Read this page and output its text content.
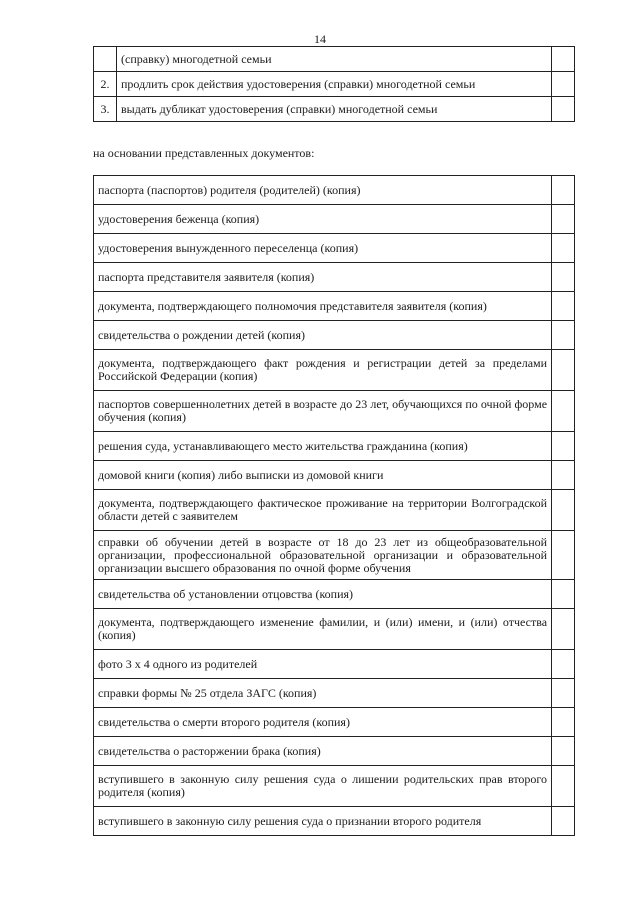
14
	(справку) многодетной семьи	
2.	продлить срок действия удостоверения (справки) многодетной семьи	
3.	выдать дубликат удостоверения (справки) многодетной семьи	
на основании представленных документов:
паспорта (паспортов) родителя (родителей) (копия)	
удостоверения беженца (копия)	
удостоверения вынужденного переселенца (копия)	
паспорта представителя заявителя (копия)	
документа, подтверждающего полномочия представителя заявителя (копия)	
свидетельства о рождении детей (копия)	
документа, подтверждающего факт рождения и регистрации детей за пределами Российской Федерации (копия)	
паспортов совершеннолетних детей в возрасте до 23 лет, обучающихся по очной форме обучения (копия)	
решения суда, устанавливающего место жительства гражданина (копия)	
домовой книги (копия) либо выписки из домовой книги	
документа, подтверждающего фактическое проживание на территории Волгоградской области детей с заявителем	
справки об обучении детей в возрасте от 18 до 23 лет из общеобразовательной организации, профессиональной образовательной организации и образовательной организации высшего образования по очной форме обучения	
свидетельства об установлении отцовства (копия)	
документа, подтверждающего изменение фамилии, и (или) имени, и (или) отчества (копия)	
фото 3 х 4 одного из родителей	
справки формы № 25 отдела ЗАГС (копия)	
свидетельства о смерти второго родителя (копия)	
свидетельства о расторжении брака (копия)	
вступившего в законную силу решения суда о лишении родительских прав второго родителя (копия)	
вступившего в законную силу решения суда о признании второго родителя	
